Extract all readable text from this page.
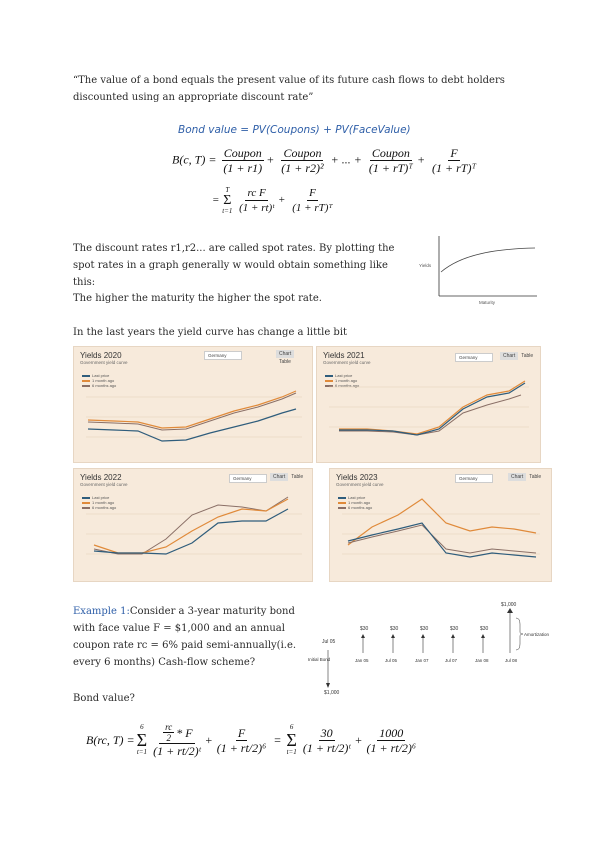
“The value of a bond equals the present value of its future cash flows to debt holders discounted using an appropriate discount rate”
Bond value = PV(Coupons) + PV(FaceValue)
B(c, $T) = \frac{\text{Coupon}}{(1 + r1)} + \frac{\text{Coupon}}{\text{(1 + r2)²}}$ + ... + $\frac{\text{Coupon}}{\text{(1 + rT)ᵀ}} + \frac{F}{\text{(1 + rT)ᵀ}}$
=
T
Σ
t=1
$\frac{\text{rc F}}{\text{(1 + rt)ᵗ}} + \frac{F}{\text{(1 + rT)ᵀ}}$
The discount rates r1,r2... are called spot rates. By plotting the spot rates in a graph generally w would obtain something like this:
Yields
Maturity
The higher the maturity the higher the spot rate.
In the last years the yield curve has change a little bit
Yields 2020
Government yield curve
Germany	ChartTable
Last price
1 month ago
6 months ago
Yields 2021
Government yield curve
Germany	Chart Table
Last price
1 month ago
6 months ago
Yields 2022
Government yield curve
Germany	Chart Table
Last price
1 month ago
6 months ago
Yields 2023
Government yield curve
Germany	Chart Table
Last price
1 month ago
6 months ago
Example 1:Consider a 3-year maturity bond with face value F = $1,000 and an annual coupon rate rc = 6% paid semi-annually(i.e. every 6 months) Cash-flow scheme?
$1,000
Amortization
$30	$30	$30	$30	$30
Jul 05
Initial Bond
$1,000
Jan 05	Jul 05	Jan 07	Jul 07	Jan 08	Jul 08
Bond value?
B(rc, T) =
6
Σ
$t=1 \frac{\frac{rc}{2} * F}{\text{(1 + rt/2)ᵗ}} + \frac{F}{\text{(1 + rt/2)⁶}}$ =
6
Σ
$t=1 \frac{30}{\text{(1 + rt/2)ᵗ}} + \frac{1000}{\text{(1 + rt/2)⁶}}$
